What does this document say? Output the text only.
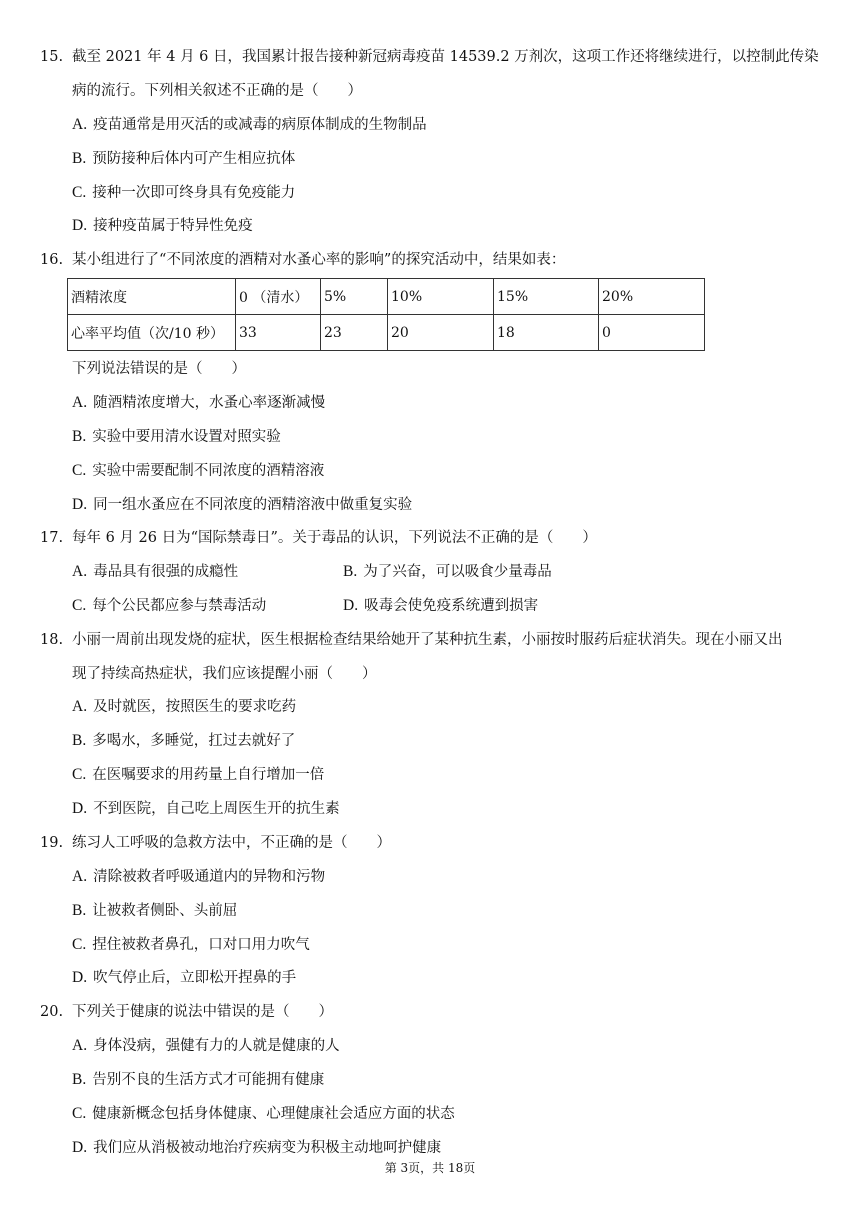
15. 截至 2021 年 4 月 6 日，我国累计报告接种新冠病毒疫苗 14539.2 万剂次，这项工作还将继续进行，以控制此传染
病的流行。下列相关叙述不正确的是（　　）
A. 疫苗通常是用灭活的或减毒的病原体制成的生物制品
B. 预防接种后体内可产生相应抗体
C. 接种一次即可终身具有免疫能力
D. 接种疫苗属于特异性免疫
16. 某小组进行了“不同浓度的酒精对水蚤心率的影响”的探究活动中，结果如表：
酒精浓度	0 （清水）	5%	10%	15%	20%
心率平均值（次/10 秒）	33	23	20	18	0
下列说法错误的是（　　）
A. 随酒精浓度增大，水蚤心率逐渐减慢
B. 实验中要用清水设置对照实验
C. 实验中需要配制不同浓度的酒精溶液
D. 同一组水蚤应在不同浓度的酒精溶液中做重复实验
17. 每年 6 月 26 日为“国际禁毒日”。关于毒品的认识，下列说法不正确的是（　　）
A. 毒品具有很强的成瘾性	B. 为了兴奋，可以吸食少量毒品
C. 每个公民都应参与禁毒活动	D. 吸毒会使免疫系统遭到损害
18. 小丽一周前出现发烧的症状，医生根据检查结果给她开了某种抗生素，小丽按时服药后症状消失。现在小丽又出
现了持续高热症状，我们应该提醒小丽（　　）
A. 及时就医，按照医生的要求吃药
B. 多喝水，多睡觉，扛过去就好了
C. 在医嘱要求的用药量上自行增加一倍
D. 不到医院，自己吃上周医生开的抗生素
19. 练习人工呼吸的急救方法中，不正确的是（　　）
A. 清除被救者呼吸通道内的异物和污物
B. 让被救者侧卧、头前屈
C. 捏住被救者鼻孔，口对口用力吹气
D. 吹气停止后，立即松开捏鼻的手
20. 下列关于健康的说法中错误的是（　　）
A. 身体没病，强健有力的人就是健康的人
B. 告别不良的生活方式才可能拥有健康
C. 健康新概念包括身体健康、心理健康社会适应方面的状态
D. 我们应从消极被动地治疗疾病变为积极主动地呵护健康
第 3页，共 18页
